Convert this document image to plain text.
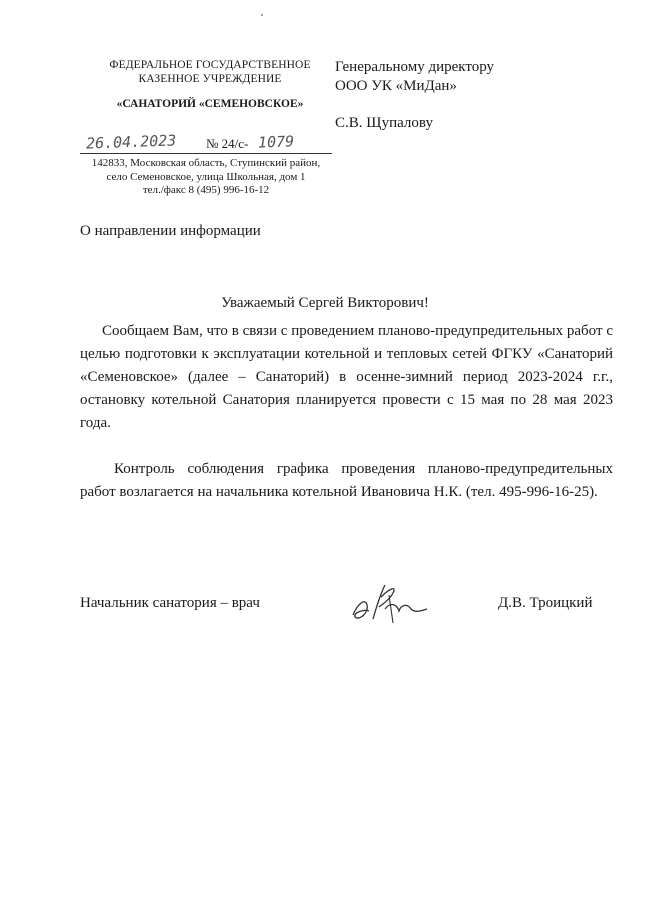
ФЕДЕРАЛЬНОЕ ГОСУДАРСТВЕННОЕ
КАЗЕННОЕ УЧРЕЖДЕНИЕ
«САНАТОРИЙ «СЕМЕНОВСКОЕ»
26.04.2023 № 24/с- 1079
142833, Московская область, Ступинский район,
село Семеновское, улица Школьная, дом 1
тел./факс 8 (495) 996-16-12
Генеральному директору
ООО УК «МиДан»
С.В. Щупалову
О направлении информации
Уважаемый Сергей Викторович!
Сообщаем Вам, что в связи с проведением планово-предупредительных работ с целью подготовки к эксплуатации котельной и тепловых сетей ФГКУ «Санаторий «Семеновское» (далее – Санаторий) в осенне-зимний период 2023-2024 г.г., остановку котельной Санатория планируется провести с 15 мая по 28 мая 2023 года.
Контроль соблюдения графика проведения планово-предупредительных работ возлагается на начальника котельной Ивановича Н.К. (тел. 495-996-16-25).
Начальник санатория – врач	Д.В. Троицкий
